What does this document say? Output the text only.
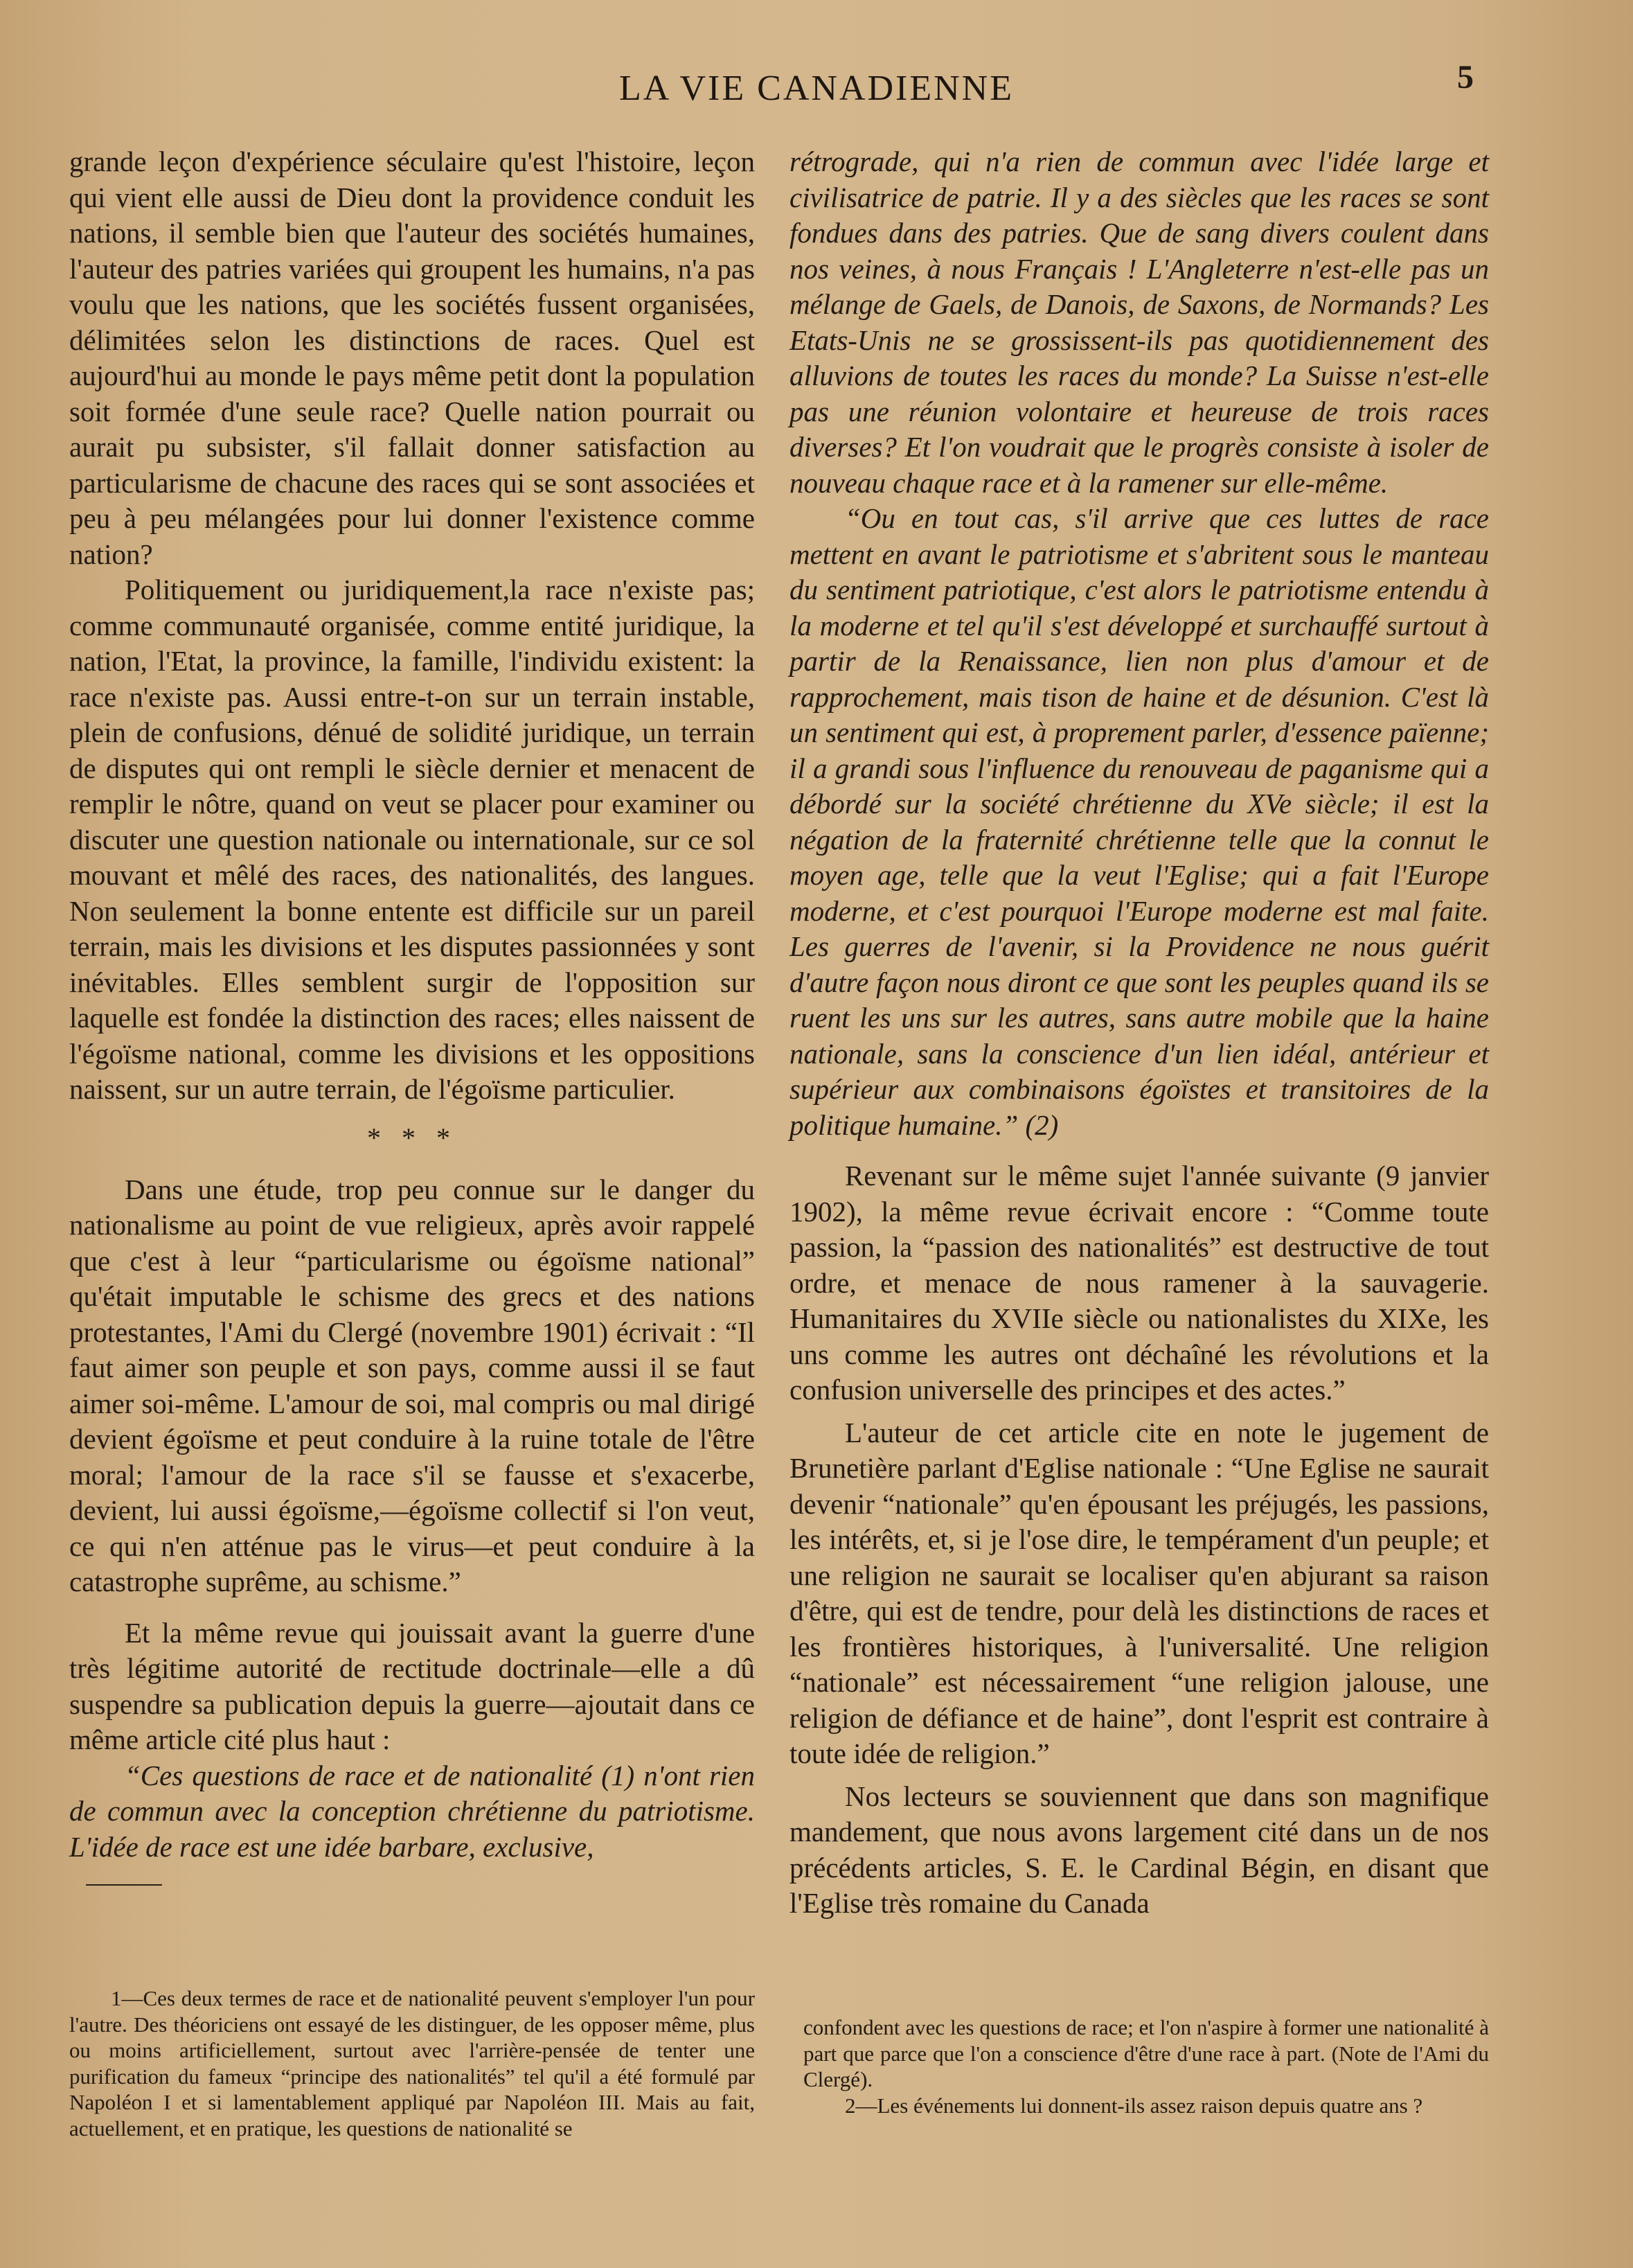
LA VIE CANADIENNE	5

grande leçon d'expérience séculaire qu'est l'histoire, leçon qui vient elle aussi de Dieu dont la providence conduit les nations, il semble bien que l'auteur des sociétés humaines, l'auteur des patries variées qui groupent les humains, n'a pas voulu que les nations, que les sociétés fussent organisées, délimitées selon les distinctions de races. Quel est aujourd'hui au monde le pays même petit dont la population soit formée d'une seule race? Quelle nation pourrait ou aurait pu subsister, s'il fallait donner satisfaction au particularisme de chacune des races qui se sont associées et peu à peu mélangées pour lui donner l'existence comme nation?

Politiquement ou juridiquement,la race n'existe pas; comme communauté organisée, comme entité juridique, la nation, l'Etat, la province, la famille, l'individu existent: la race n'existe pas. Aussi entre-t-on sur un terrain instable, plein de confusions, dénué de solidité juridique, un terrain de disputes qui ont rempli le siècle dernier et menacent de remplir le nôtre, quand on veut se placer pour examiner ou discuter une question nationale ou internationale, sur ce sol mouvant et mêlé des races, des nationalités, des langues. Non seulement la bonne entente est difficile sur un pareil terrain, mais les divisions et les disputes passionnées y sont inévitables. Elles semblent surgir de l'opposition sur laquelle est fondée la distinction des races; elles naissent de l'égoïsme national, comme les divisions et les oppositions naissent, sur un autre terrain, de l'égoïsme particulier.

* * *

Dans une étude, trop peu connue sur le danger du nationalisme au point de vue religieux, après avoir rappelé que c'est à leur “particularisme ou égoïsme national” qu'était imputable le schisme des grecs et des nations protestantes, l'Ami du Clergé (novembre 1901) écrivait : “Il faut aimer son peuple et son pays, comme aussi il se faut aimer soi-même. L'amour de soi, mal compris ou mal dirigé devient égoïsme et peut conduire à la ruine totale de l'être moral; l'amour de la race s'il se fausse et s'exacerbe, devient, lui aussi égoïsme,—égoïsme collectif si l'on veut, ce qui n'en atténue pas le virus—et peut conduire à la catastrophe suprême, au schisme.”

Et la même revue qui jouissait avant la guerre d'une très légitime autorité de rectitude doctrinale—elle a dû suspendre sa publication depuis la guerre—ajoutait dans ce même article cité plus haut :

“Ces questions de race et de nationalité (1) n'ont rien de commun avec la conception chrétienne du patriotisme. L'idée de race est une idée barbare, exclusive,

1—Ces deux termes de race et de nationalité peuvent s'employer l'un pour l'autre. Des théoriciens ont essayé de les distinguer, de les opposer même, plus ou moins artificiellement, surtout avec l'arrière-pensée de tenter une purification du fameux “principe des nationalités” tel qu'il a été formulé par Napoléon I et si lamentablement appliqué par Napoléon III. Mais au fait, actuellement, et en pratique, les questions de nationalité se

rétrograde, qui n'a rien de commun avec l'idée large et civilisatrice de patrie. Il y a des siècles que les races se sont fondues dans des patries. Que de sang divers coulent dans nos veines, à nous Français ! L'Angleterre n'est-elle pas un mélange de Gaels, de Danois, de Saxons, de Normands? Les Etats-Unis ne se grossissent-ils pas quotidiennement des alluvions de toutes les races du monde? La Suisse n'est-elle pas une réunion volontaire et heureuse de trois races diverses? Et l'on voudrait que le progrès consiste à isoler de nouveau chaque race et à la ramener sur elle-même.

“Ou en tout cas, s'il arrive que ces luttes de race mettent en avant le patriotisme et s'abritent sous le manteau du sentiment patriotique, c'est alors le patriotisme entendu à la moderne et tel qu'il s'est développé et surchauffé surtout à partir de la Renaissance, lien non plus d'amour et de rapprochement, mais tison de haine et de désunion. C'est là un sentiment qui est, à proprement parler, d'essence païenne; il a grandi sous l'influence du renouveau de paganisme qui a débordé sur la société chrétienne du XVe siècle; il est la négation de la fraternité chrétienne telle que la connut le moyen age, telle que la veut l'Eglise; qui a fait l'Europe moderne, et c'est pourquoi l'Europe moderne est mal faite. Les guerres de l'avenir, si la Providence ne nous guérit d'autre façon nous diront ce que sont les peuples quand ils se ruent les uns sur les autres, sans autre mobile que la haine nationale, sans la conscience d'un lien idéal, antérieur et supérieur aux combinaisons égoïstes et transitoires de la politique humaine.” (2)

Revenant sur le même sujet l'année suivante (9 janvier 1902), la même revue écrivait encore : “Comme toute passion, la “passion des nationalités” est destructive de tout ordre, et menace de nous ramener à la sauvagerie. Humanitaires du XVIIe siècle ou nationalistes du XIXe, les uns comme les autres ont déchaîné les révolutions et la confusion universelle des principes et des actes.”

L'auteur de cet article cite en note le jugement de Brunetière parlant d'Eglise nationale : “Une Eglise ne saurait devenir “nationale” qu'en épousant les préjugés, les passions, les intérêts, et, si je l'ose dire, le tempérament d'un peuple; et une religion ne saurait se localiser qu'en abjurant sa raison d'être, qui est de tendre, pour delà les distinctions de races et les frontières historiques, à l'universalité. Une religion “nationale” est nécessairement “une religion jalouse, une religion de défiance et de haine”, dont l'esprit est contraire à toute idée de religion.”

Nos lecteurs se souviennent que dans son magnifique mandement, que nous avons largement cité dans un de nos précédents articles, S. E. le Cardinal Bégin, en disant que l'Eglise très romaine du Canada

confondent avec les questions de race; et l'on n'aspire à former une nationalité à part que parce que l'on a conscience d'être d'une race à part. (Note de l'Ami du Clergé).

2—Les événements lui donnent-ils assez raison depuis quatre ans ?
